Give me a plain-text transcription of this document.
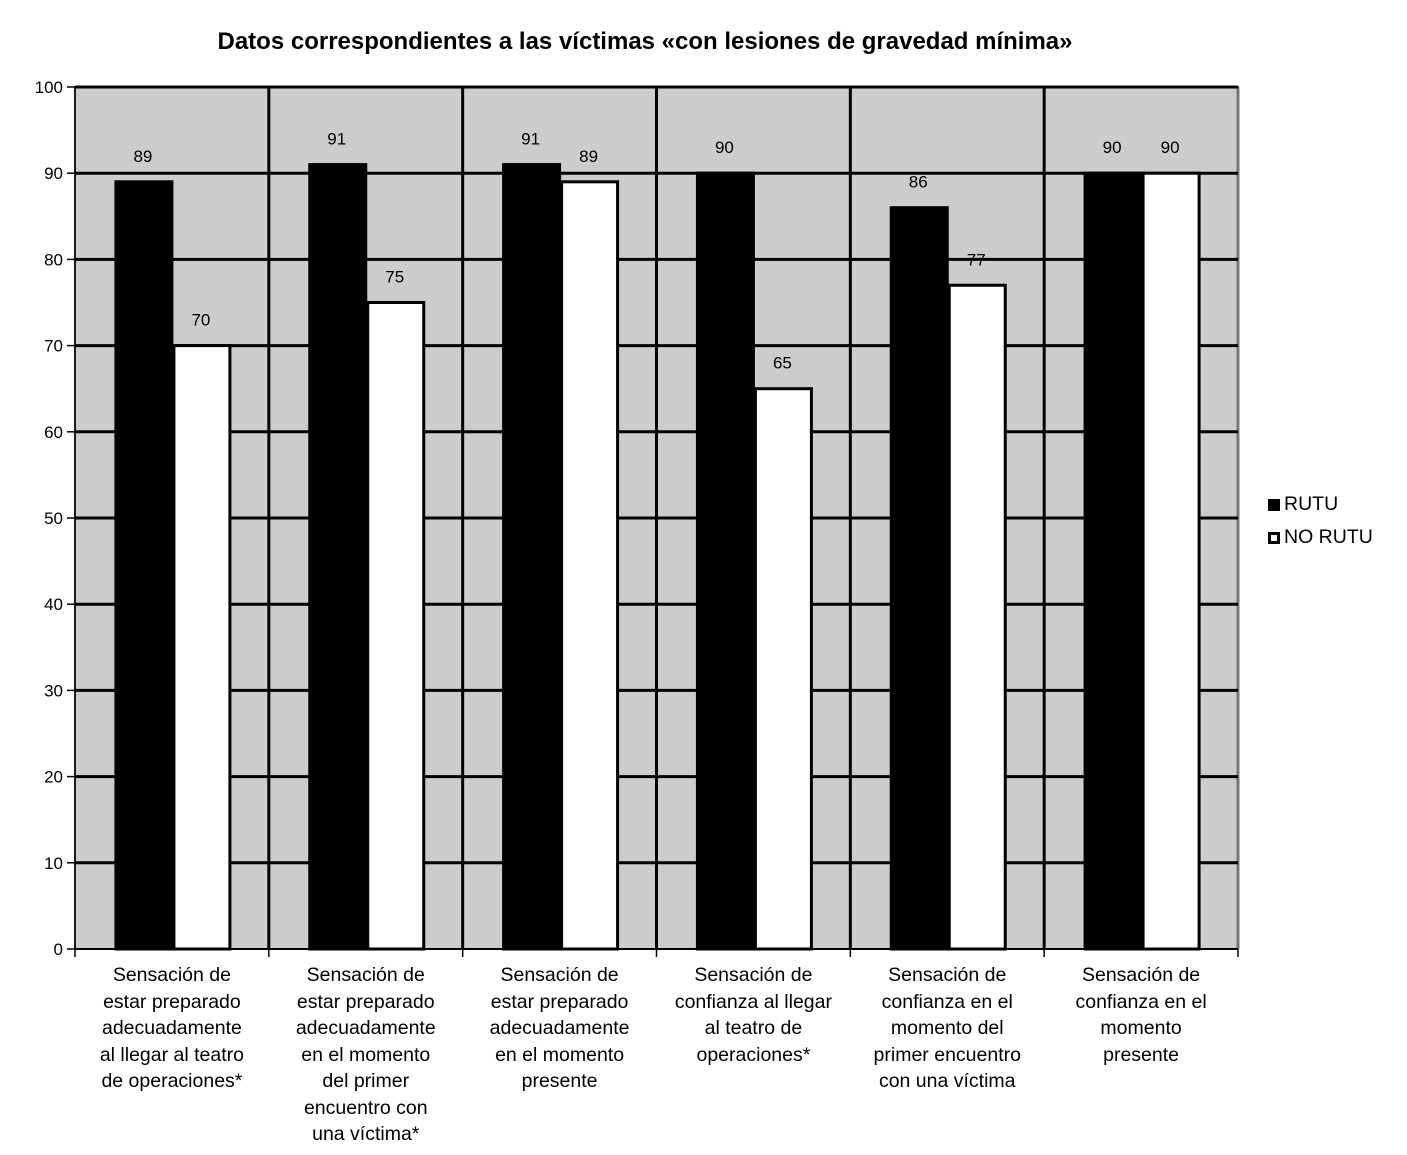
Datos correspondientes a las víctimas «con lesiones de gravedad mínima»
0
10
20
30
40
50
60
70
80
90
100
89
91	91	90
86
90
70
75
89
65
77
90
Sensación de
estar preparado
adecuadamente
al llegar al teatro
de operaciones*
Sensación de
estar preparado
adecuadamente
en el momento
del primer
encuentro con
una víctima*
Sensación de
estar preparado
adecuadamente
en el momento
presente
Sensación de
confianza al llegar
al teatro de
operaciones*
Sensación de
confianza en el
momento del
primer encuentro
con una víctima
Sensación de
confianza en el
momento
presente
RUTU
NO RUTU
